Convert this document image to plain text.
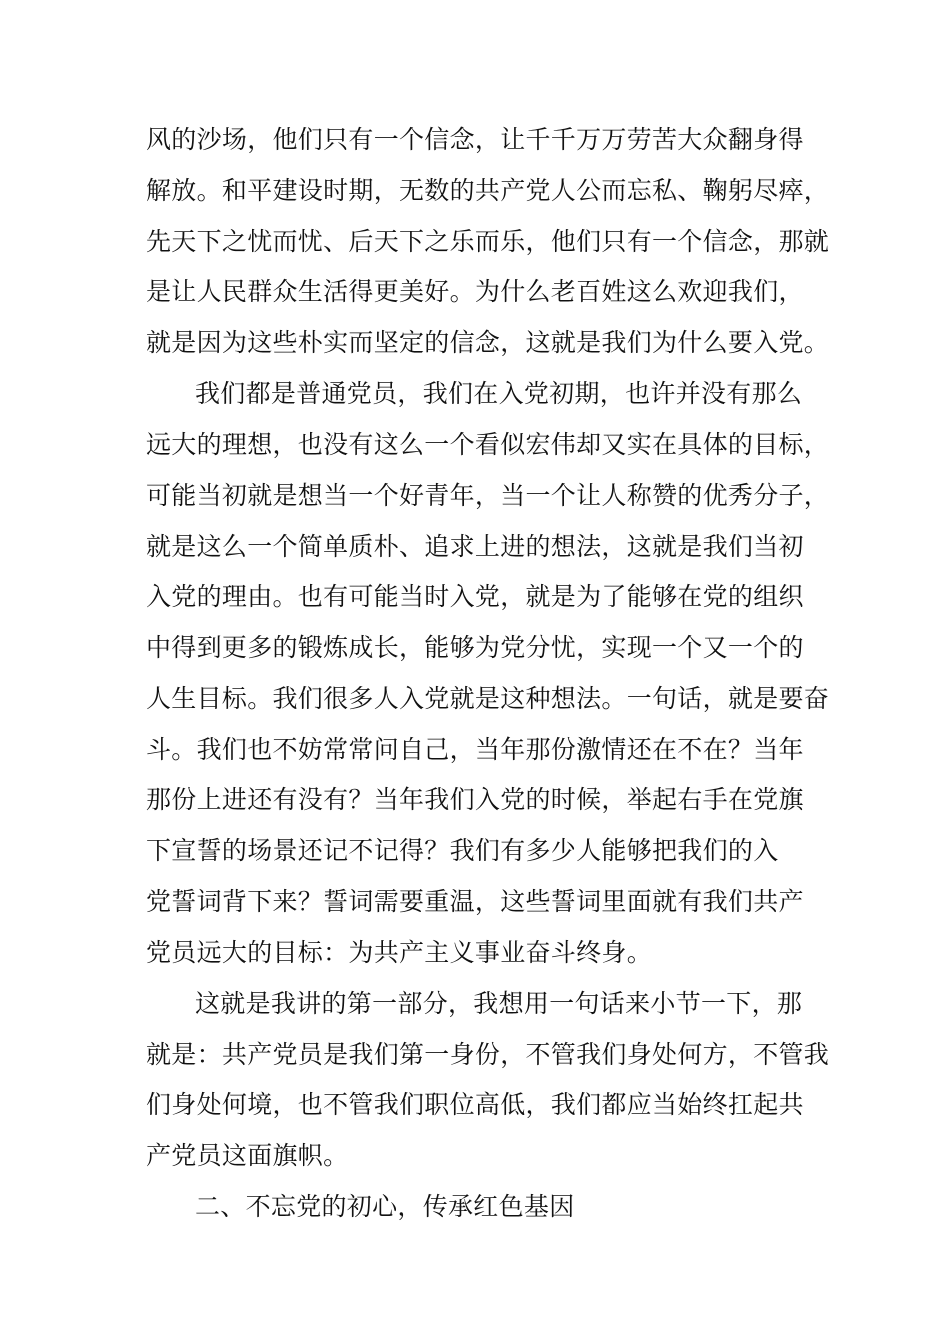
风的沙场，他们只有一个信念，让千千万万劳苦大众翻身得
解放。和平建设时期，无数的共产党人公而忘私、鞠躬尽瘁，
先天下之忧而忧、后天下之乐而乐，他们只有一个信念，那就
是让人民群众生活得更美好。为什么老百姓这么欢迎我们，
就是因为这些朴实而坚定的信念，这就是我们为什么要入党。
我们都是普通党员，我们在入党初期，也许并没有那么
远大的理想，也没有这么一个看似宏伟却又实在具体的目标，
可能当初就是想当一个好青年，当一个让人称赞的优秀分子，
就是这么一个简单质朴、追求上进的想法，这就是我们当初
入党的理由。也有可能当时入党，就是为了能够在党的组织
中得到更多的锻炼成长，能够为党分忧，实现一个又一个的
人生目标。我们很多人入党就是这种想法。一句话，就是要奋
斗。我们也不妨常常问自己，当年那份激情还在不在？当年
那份上进还有没有？当年我们入党的时候，举起右手在党旗
下宣誓的场景还记不记得？我们有多少人能够把我们的入
党誓词背下来？誓词需要重温，这些誓词里面就有我们共产
党员远大的目标：为共产主义事业奋斗终身。
这就是我讲的第一部分，我想用一句话来小节一下，那
就是：共产党员是我们第一身份，不管我们身处何方，不管我
们身处何境，也不管我们职位高低，我们都应当始终扛起共
产党员这面旗帜。
二、不忘党的初心，传承红色基因
